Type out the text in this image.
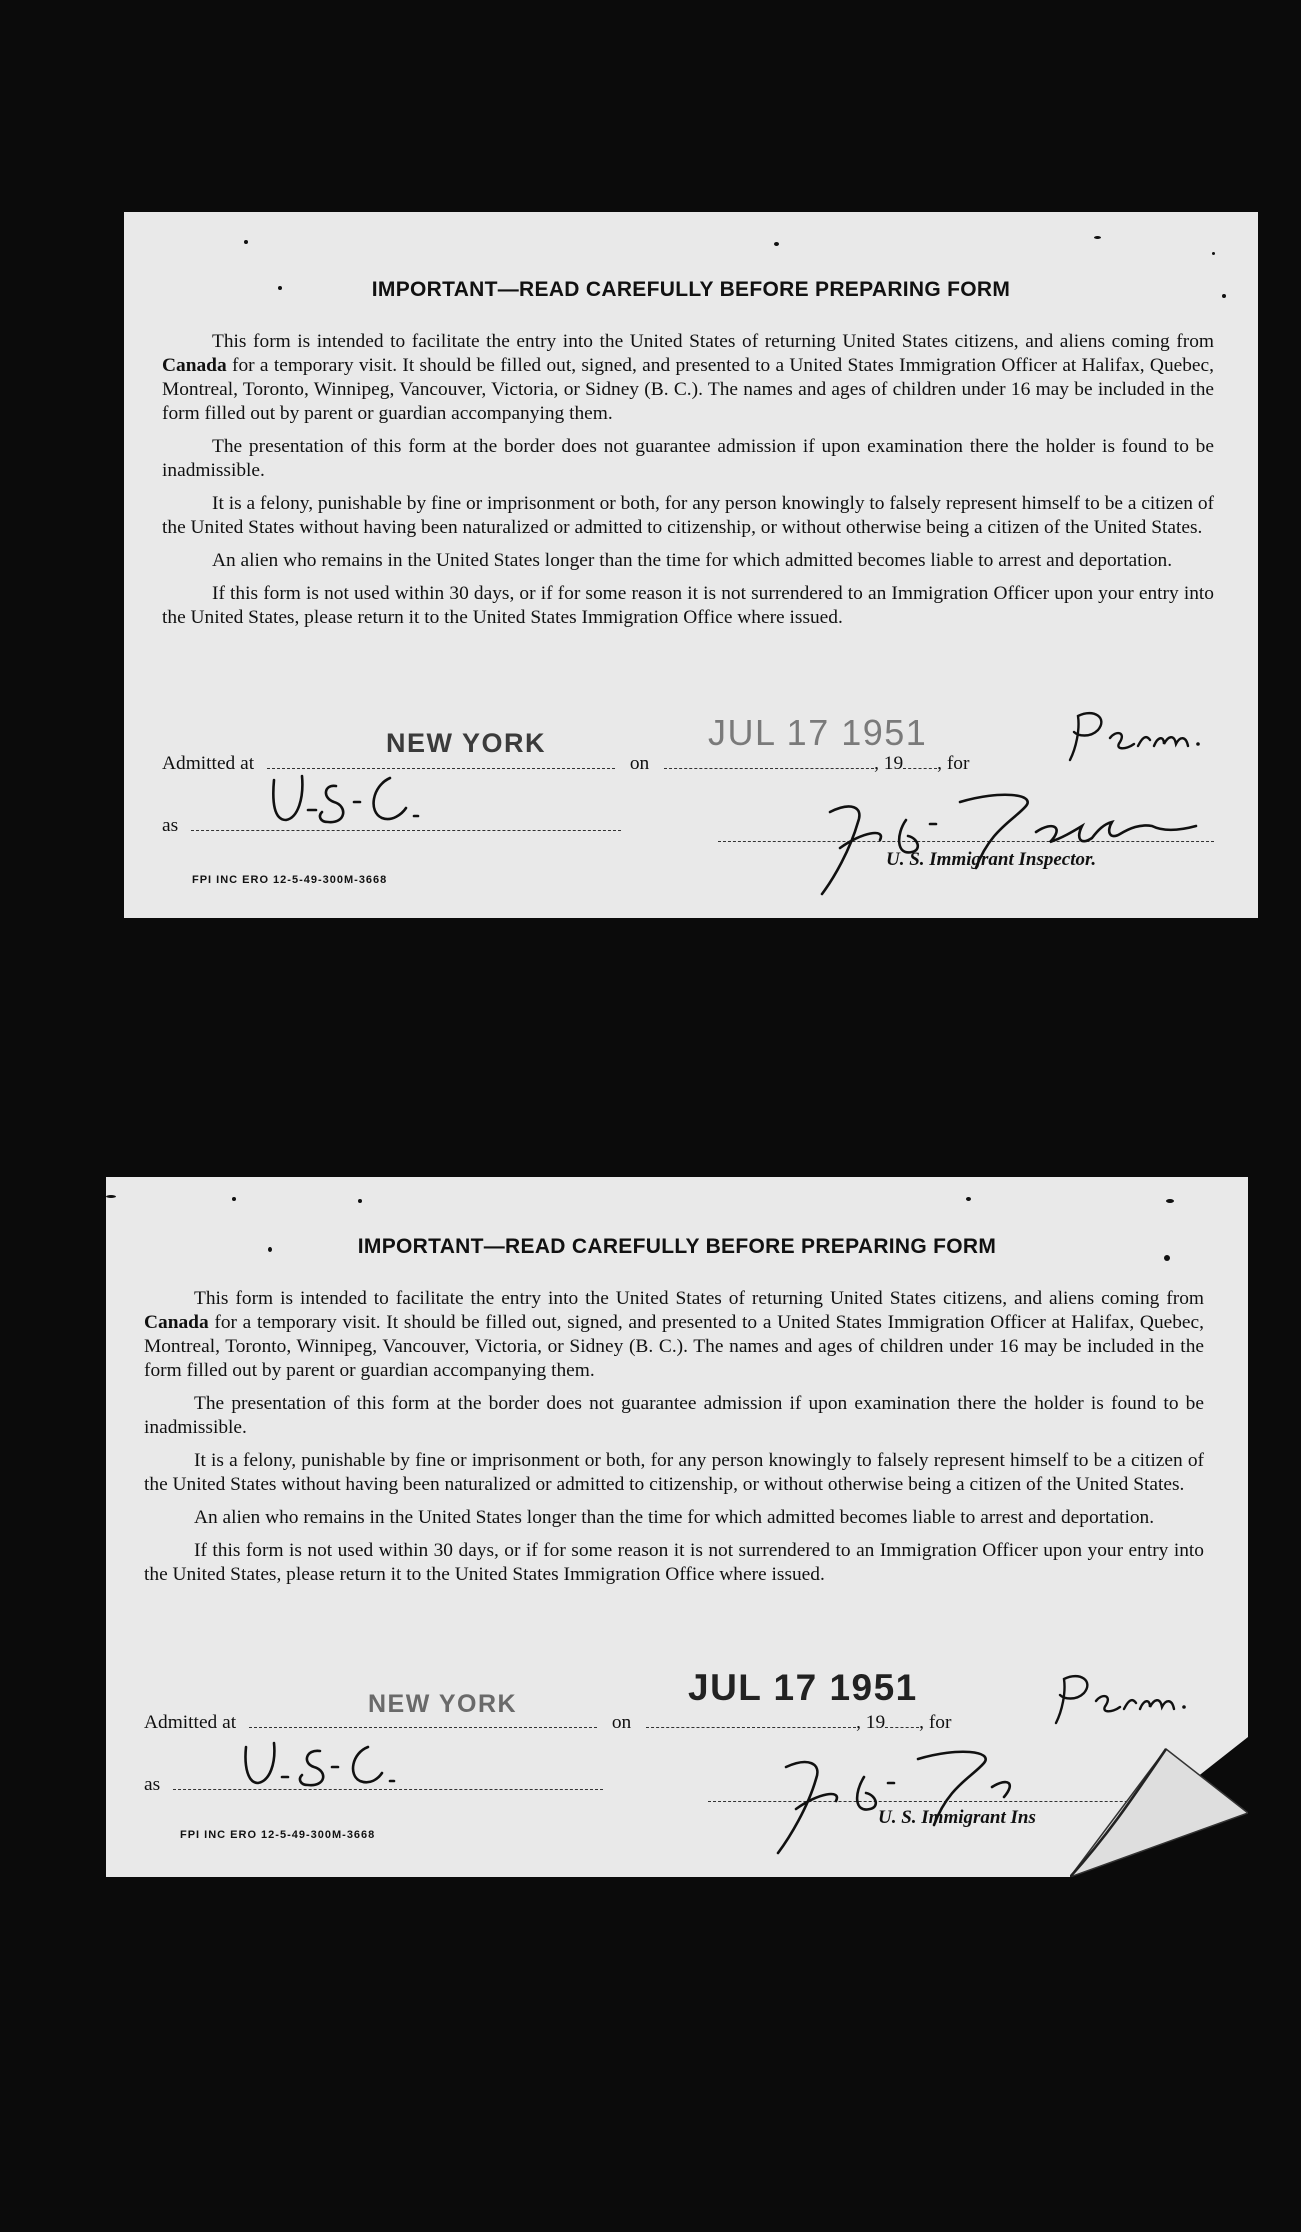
IMPORTANT—READ CAREFULLY BEFORE PREPARING FORM

This form is intended to facilitate the entry into the United States of returning United States citizens, and aliens coming from Canada for a temporary visit. It should be filled out, signed, and presented to a United States Immigration Officer at Halifax, Quebec, Montreal, Toronto, Winnipeg, Vancouver, Victoria, or Sidney (B. C.). The names and ages of children under 16 may be included in the form filled out by parent or guardian accompanying them.

The presentation of this form at the border does not guarantee admission if upon examination there the holder is found to be inadmissible.

It is a felony, punishable by fine or imprisonment or both, for any person knowingly to falsely represent himself to be a citizen of the United States without having been naturalized or admitted to citizenship, or without otherwise being a citizen of the United States.

An alien who remains in the United States longer than the time for which admitted becomes liable to arrest and deportation.

If this form is not used within 30 days, or if for some reason it is not surrendered to an Immigration Officer upon your entry into the United States, please return it to the United States Immigration Office where issued.

Admitted at	on	, 19 , for
NEW YORK	JUL 17 1951
as
U. S. Immigrant Inspector.
FPI INC ERO 12-5-49-300M-3668
IMPORTANT—READ CAREFULLY BEFORE PREPARING FORM

This form is intended to facilitate the entry into the United States of returning United States citizens, and aliens coming from Canada for a temporary visit. It should be filled out, signed, and presented to a United States Immigration Officer at Halifax, Quebec, Montreal, Toronto, Winnipeg, Vancouver, Victoria, or Sidney (B. C.). The names and ages of children under 16 may be included in the form filled out by parent or guardian accompanying them.

The presentation of this form at the border does not guarantee admission if upon examination there the holder is found to be inadmissible.

It is a felony, punishable by fine or imprisonment or both, for any person knowingly to falsely represent himself to be a citizen of the United States without having been naturalized or admitted to citizenship, or without otherwise being a citizen of the United States.

An alien who remains in the United States longer than the time for which admitted becomes liable to arrest and deportation.

If this form is not used within 30 days, or if for some reason it is not surrendered to an Immigration Officer upon your entry into the United States, please return it to the United States Immigration Office where issued.

Admitted at	on	, 19 , for
NEW YORK	JUL 17 1951
as
U. S. Immigrant Ins
FPI INC ERO 12-5-49-300M-3668
